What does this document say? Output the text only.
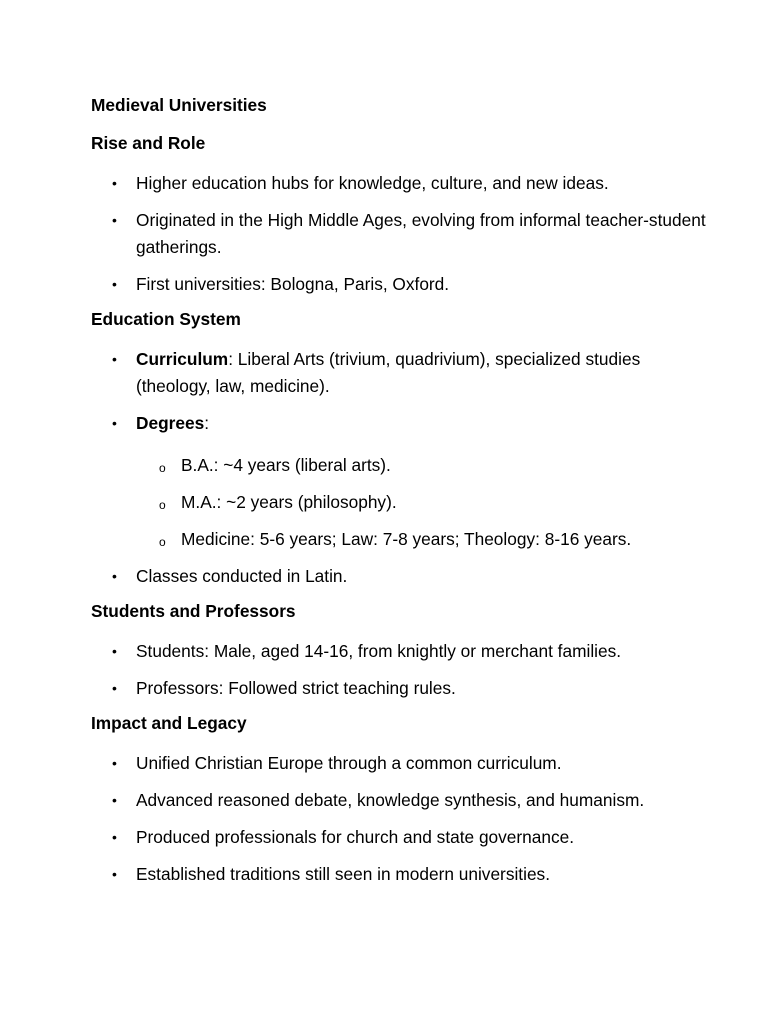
Medieval Universities
Rise and Role
• Higher education hubs for knowledge, culture, and new ideas.
• Originated in the High Middle Ages, evolving from informal teacher-student gatherings.
• First universities: Bologna, Paris, Oxford.
Education System
• Curriculum: Liberal Arts (trivium, quadrivium), specialized studies (theology, law, medicine).
• Degrees:
o B.A.: ~4 years (liberal arts).
o M.A.: ~2 years (philosophy).
o Medicine: 5-6 years; Law: 7-8 years; Theology: 8-16 years.
• Classes conducted in Latin.
Students and Professors
• Students: Male, aged 14-16, from knightly or merchant families.
• Professors: Followed strict teaching rules.
Impact and Legacy
• Unified Christian Europe through a common curriculum.
• Advanced reasoned debate, knowledge synthesis, and humanism.
• Produced professionals for church and state governance.
• Established traditions still seen in modern universities.
